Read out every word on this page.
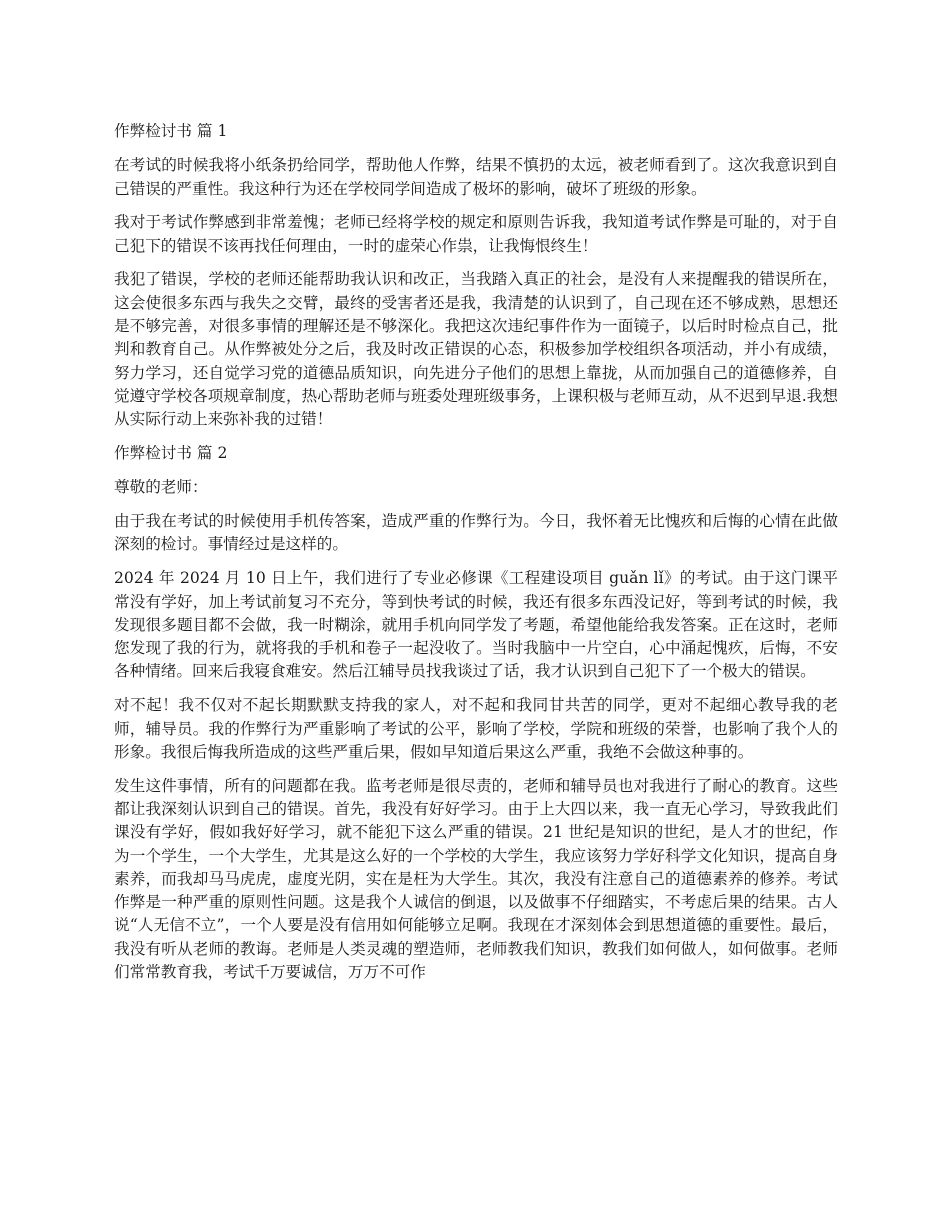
作弊检讨书 篇 1

在考试的时候我将小纸条扔给同学，帮助他人作弊，结果不慎扔的太远，被老师看到了。这次我意识到自己错误的严重性。我这种行为还在学校同学间造成了极坏的影响，破坏了班级的形象。

我对于考试作弊感到非常羞愧；老师已经将学校的规定和原则告诉我，我知道考试作弊是可耻的，对于自己犯下的错误不该再找任何理由，一时的虚荣心作祟，让我悔恨终生！

我犯了错误，学校的老师还能帮助我认识和改正，当我踏入真正的社会，是没有人来提醒我的错误所在，这会使很多东西与我失之交臂，最终的受害者还是我，我清楚的认识到了，自己现在还不够成熟，思想还是不够完善，对很多事情的理解还是不够深化。我把这次违纪事件作为一面镜子，以后时时检点自己，批判和教育自己。从作弊被处分之后，我及时改正错误的心态，积极参加学校组织各项活动，并小有成绩，努力学习，还自觉学习党的道德品质知识，向先进分子他们的思想上靠拢，从而加强自己的道德修养，自觉遵守学校各项规章制度，热心帮助老师与班委处理班级事务，上课积极与老师互动，从不迟到早退.我想从实际行动上来弥补我的过错！

作弊检讨书 篇 2

尊敬的老师：

由于我在考试的时候使用手机传答案，造成严重的作弊行为。今日，我怀着无比愧疚和后悔的心情在此做深刻的检讨。事情经过是这样的。

2024 年 2024 月 10 日上午，我们进行了专业必修课《工程建设项目 guǎn lǐ》的考试。由于这门课平常没有学好，加上考试前复习不充分，等到快考试的时候，我还有很多东西没记好，等到考试的时候，我发现很多题目都不会做，我一时糊涂，就用手机向同学发了考题，希望他能给我发答案。正在这时，老师您发现了我的行为，就将我的手机和卷子一起没收了。当时我脑中一片空白，心中涌起愧疚，后悔，不安各种情绪。回来后我寝食难安。然后江辅导员找我谈过了话，我才认识到自己犯下了一个极大的错误。

对不起！我不仅对不起长期默默支持我的家人，对不起和我同甘共苦的同学，更对不起细心教导我的老师，辅导员。我的作弊行为严重影响了考试的公平，影响了学校，学院和班级的荣誉，也影响了我个人的形象。我很后悔我所造成的这些严重后果，假如早知道后果这么严重，我绝不会做这种事的。

发生这件事情，所有的问题都在我。监考老师是很尽责的，老师和辅导员也对我进行了耐心的教育。这些都让我深刻认识到自己的错误。首先，我没有好好学习。由于上大四以来，我一直无心学习，导致我此们课没有学好，假如我好好学习，就不能犯下这么严重的错误。21 世纪是知识的世纪，是人才的世纪，作为一个学生，一个大学生，尤其是这么好的一个学校的大学生，我应该努力学好科学文化知识，提高自身素养，而我却马马虎虎，虚度光阴，实在是枉为大学生。其次，我没有注意自己的道德素养的修养。考试作弊是一种严重的原则性问题。这是我个人诚信的倒退，以及做事不仔细踏实，不考虑后果的结果。古人说“人无信不立”，一个人要是没有信用如何能够立足啊。我现在才深刻体会到思想道德的重要性。最后，我没有听从老师的教诲。老师是人类灵魂的塑造师，老师教我们知识，教我们如何做人，如何做事。老师们常常教育我，考试千万要诚信，万万不可作
